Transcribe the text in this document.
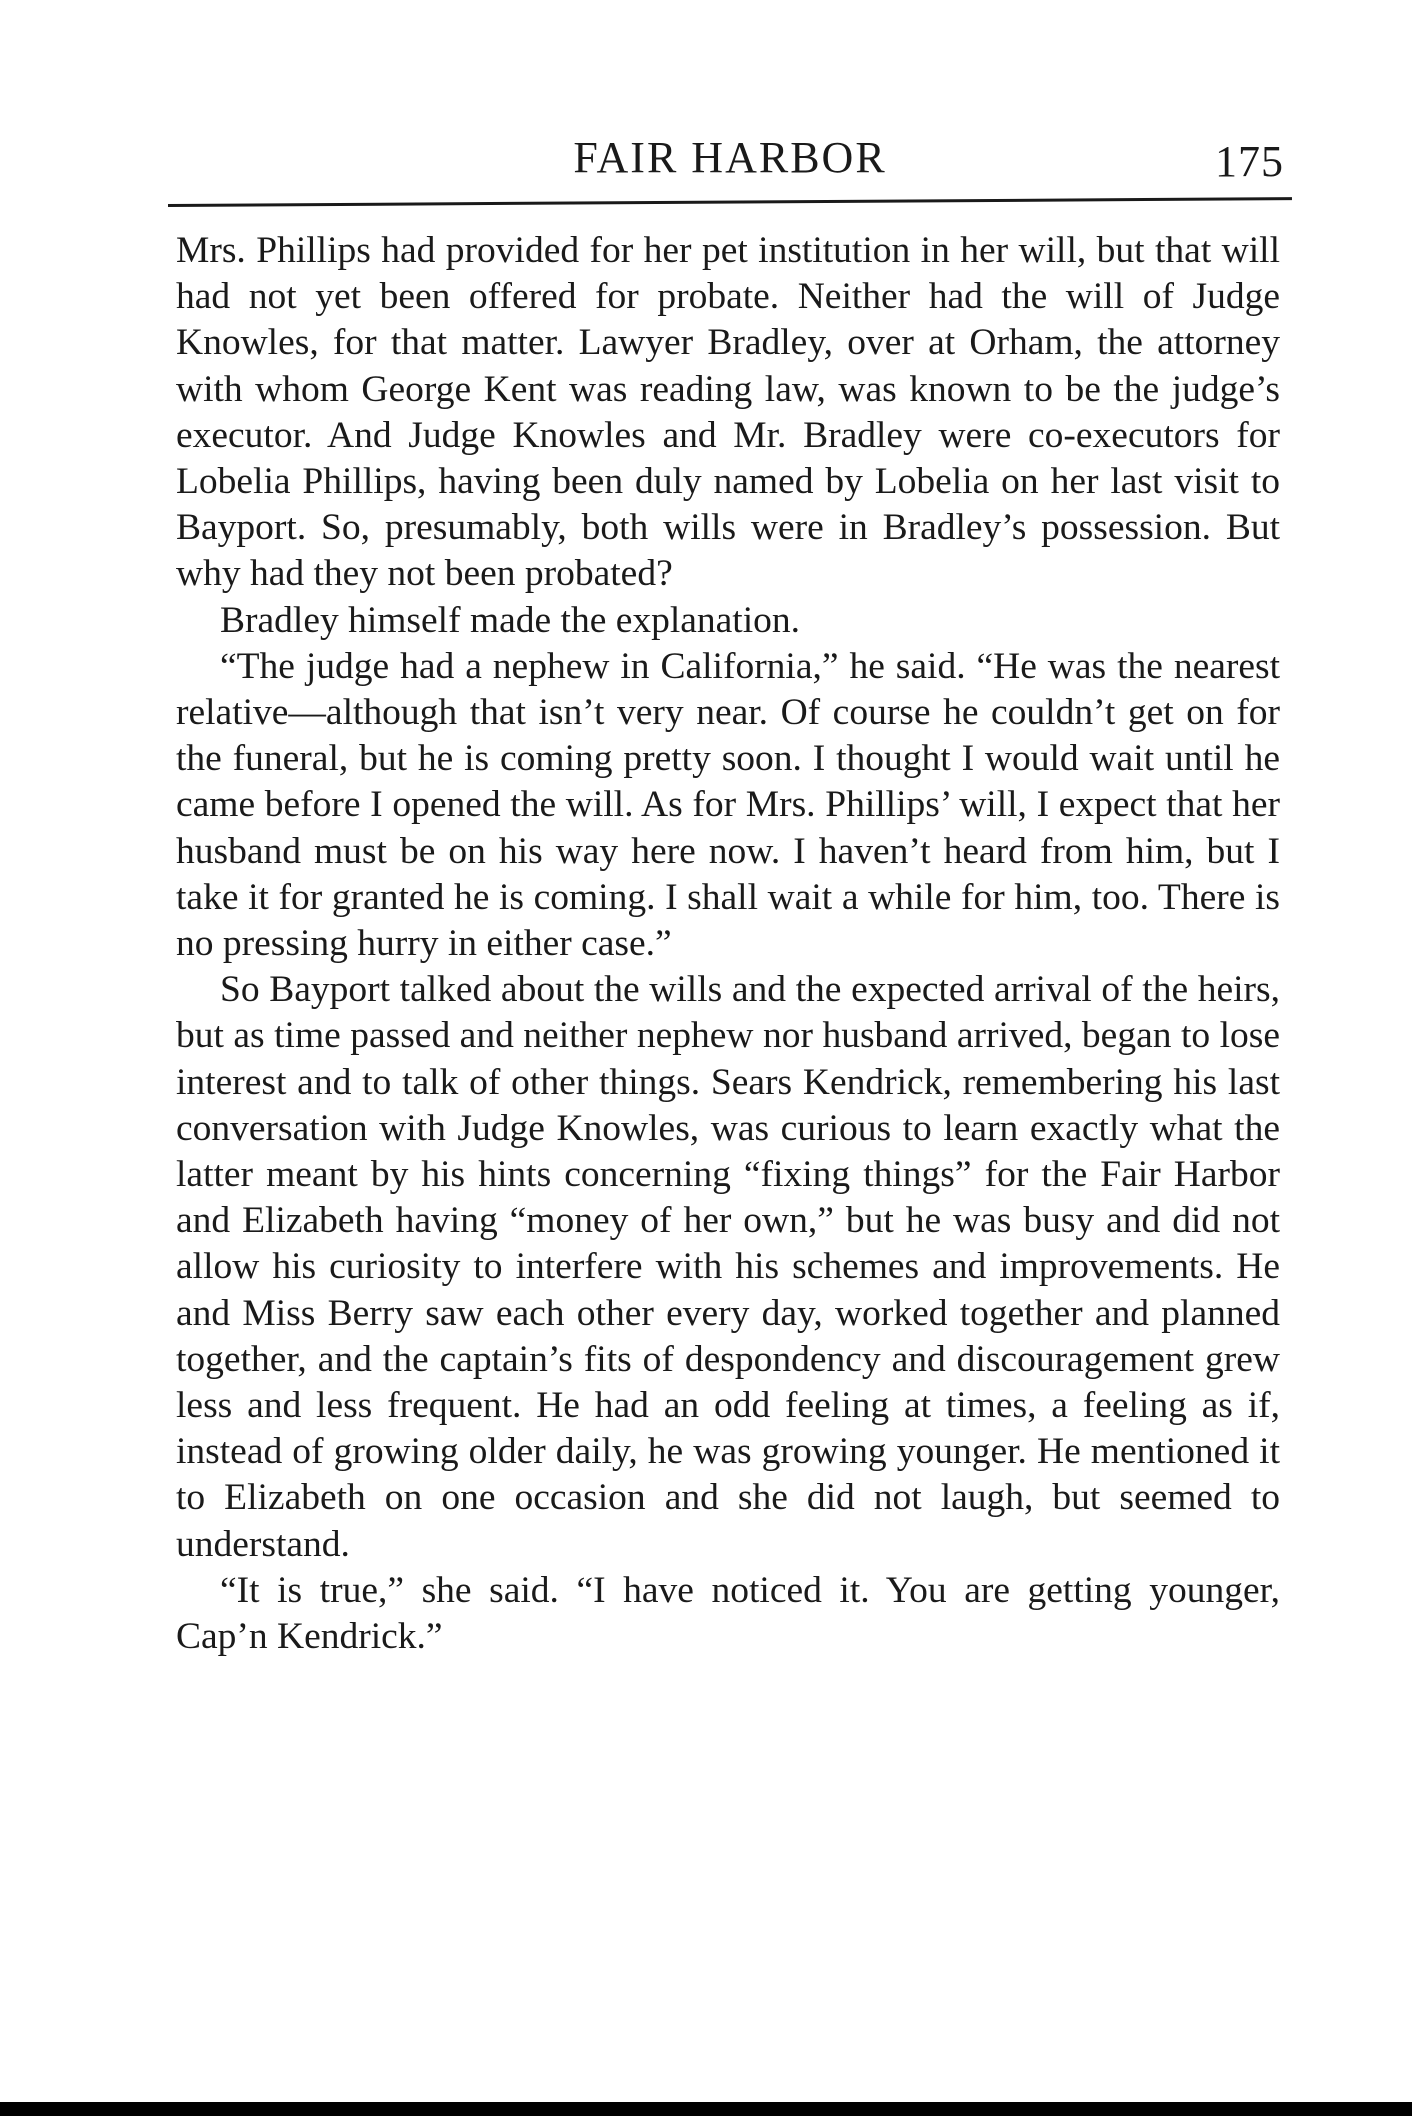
FAIR HARBOR	175

Mrs. Phillips had provided for her pet institution in her will, but that will had not yet been offered for probate. Neither had the will of Judge Knowles, for that matter. Lawyer Bradley, over at Orham, the attorney with whom George Kent was reading law, was known to be the judge’s executor. And Judge Knowles and Mr. Bradley were co-executors for Lobelia Phillips, having been duly named by Lobelia on her last visit to Bayport. So, presumably, both wills were in Bradley’s possession. But why had they not been probated?

Bradley himself made the explanation.

“The judge had a nephew in California,” he said. “He was the nearest relative—although that isn’t very near. Of course he couldn’t get on for the funeral, but he is coming pretty soon. I thought I would wait until he came before I opened the will. As for Mrs. Phillips’ will, I expect that her husband must be on his way here now. I haven’t heard from him, but I take it for granted he is coming. I shall wait a while for him, too. There is no pressing hurry in either case.”

So Bayport talked about the wills and the expected arrival of the heirs, but as time passed and neither nephew nor husband arrived, began to lose interest and to talk of other things. Sears Kendrick, remembering his last conversation with Judge Knowles, was curious to learn exactly what the latter meant by his hints concerning “fixing things” for the Fair Harbor and Elizabeth having “money of her own,” but he was busy and did not allow his curiosity to interfere with his schemes and improvements. He and Miss Berry saw each other every day, worked together and planned together, and the captain’s fits of despondency and discouragement grew less and less frequent. He had an odd feeling at times, a feeling as if, instead of growing older daily, he was growing younger. He mentioned it to Elizabeth on one occasion and she did not laugh, but seemed to understand.

“It is true,” she said. “I have noticed it. You are getting younger, Cap’n Kendrick.”
